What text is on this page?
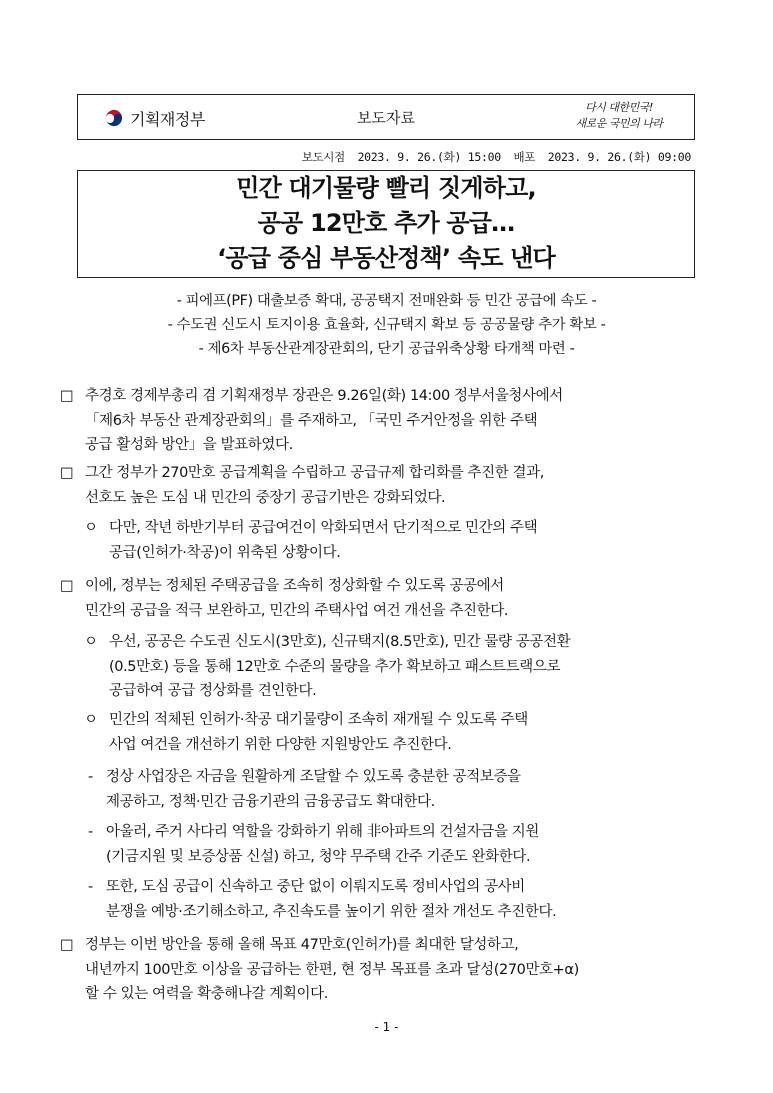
기획재정부	보도자료
다시 대한민국!
새로운 국민의 나라
보도시점 2023. 9. 26.(화) 15:00 배포 2023. 9. 26.(화) 09:00
민간 대기물량 빨리 짓게하고,
공공 12만호 추가 공급…
‘공급 중심 부동산정책’ 속도 낸다
- 피에프(PF) 대출보증 확대, 공공택지 전매완화 등 민간 공급에 속도 -
- 수도권 신도시 토지이용 효율화, 신규택지 확보 등 공공물량 추가 확보 -
- 제6차 부동산관계장관회의, 단기 공급위축상황 타개책 마련 -
□ 추경호 경제부총리 겸 기획재정부 장관은 9.26일(화) 14:00 정부서울청사에서
「제6차 부동산 관계장관회의」를 주재하고, 「국민 주거안정을 위한 주택
공급 활성화 방안」을 발표하였다.
□ 그간 정부가 270만호 공급계획을 수립하고 공급규제 합리화를 추진한 결과,
선호도 높은 도심 내 민간의 중장기 공급기반은 강화되었다.
ㅇ 다만, 작년 하반기부터 공급여건이 악화되면서 단기적으로 민간의 주택
공급(인허가·착공)이 위축된 상황이다.
□ 이에, 정부는 정체된 주택공급을 조속히 정상화할 수 있도록 공공에서
민간의 공급을 적극 보완하고, 민간의 주택사업 여건 개선을 추진한다.
ㅇ 우선, 공공은 수도권 신도시(3만호), 신규택지(8.5만호), 민간 물량 공공전환
(0.5만호) 등을 통해 12만호 수준의 물량을 추가 확보하고 패스트트랙으로
공급하여 공급 정상화를 견인한다.
ㅇ 민간의 적체된 인허가·착공 대기물량이 조속히 재개될 수 있도록 주택
사업 여건을 개선하기 위한 다양한 지원방안도 추진한다.
- 정상 사업장은 자금을 원활하게 조달할 수 있도록 충분한 공적보증을
제공하고, 정책·민간 금융기관의 금융공급도 확대한다.
- 아울러, 주거 사다리 역할을 강화하기 위해 非아파트의 건설자금을 지원
(기금지원 및 보증상품 신설) 하고, 청약 무주택 간주 기준도 완화한다.
- 또한, 도심 공급이 신속하고 중단 없이 이뤄지도록 정비사업의 공사비
분쟁을 예방·조기해소하고, 추진속도를 높이기 위한 절차 개선도 추진한다.
□ 정부는 이번 방안을 통해 올해 목표 47만호(인허가)를 최대한 달성하고,
내년까지 100만호 이상을 공급하는 한편, 현 정부 목표를 초과 달성(270만호+α)
할 수 있는 여력을 확충해나갈 계획이다.
- 1 -
